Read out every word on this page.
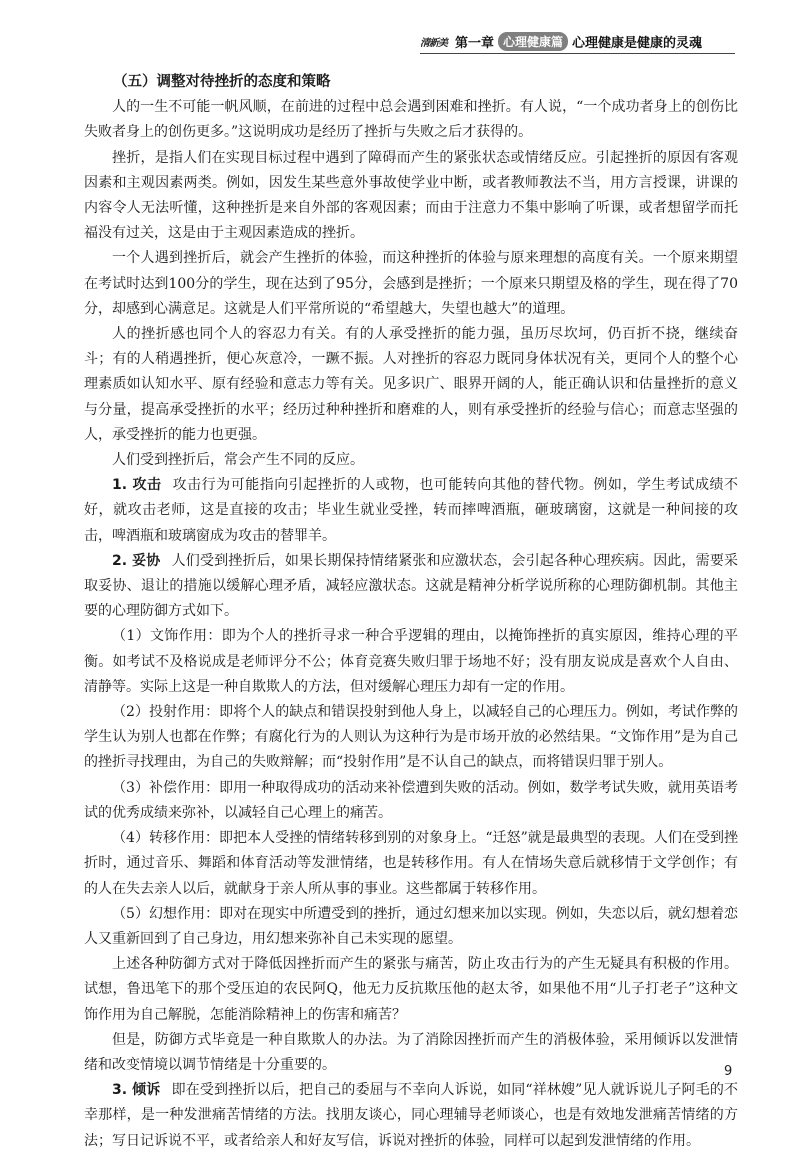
清新美 第一章 心理健康篇 心理健康是健康的灵魂
（五）调整对待挫折的态度和策略

人的一生不可能一帆风顺，在前进的过程中总会遇到困难和挫折。有人说，“一个成功者身上的创伤比失败者身上的创伤更多。”这说明成功是经历了挫折与失败之后才获得的。

挫折，是指人们在实现目标过程中遇到了障碍而产生的紧张状态或情绪反应。引起挫折的原因有客观因素和主观因素两类。例如，因发生某些意外事故使学业中断，或者教师教法不当，用方言授课，讲课的内容令人无法听懂，这种挫折是来自外部的客观因素；而由于注意力不集中影响了听课，或者想留学而托福没有过关，这是由于主观因素造成的挫折。

一个人遇到挫折后，就会产生挫折的体验，而这种挫折的体验与原来理想的高度有关。一个原来期望在考试时达到100分的学生，现在达到了95分，会感到是挫折；一个原来只期望及格的学生，现在得了70分，却感到心满意足。这就是人们平常所说的“希望越大，失望也越大”的道理。

人的挫折感也同个人的容忍力有关。有的人承受挫折的能力强，虽历尽坎坷，仍百折不挠，继续奋斗；有的人稍遇挫折，便心灰意冷，一蹶不振。人对挫折的容忍力既同身体状况有关，更同个人的整个心理素质如认知水平、原有经验和意志力等有关。见多识广、眼界开阔的人，能正确认识和估量挫折的意义与分量，提高承受挫折的水平；经历过种种挫折和磨难的人，则有承受挫折的经验与信心；而意志坚强的人，承受挫折的能力也更强。

人们受到挫折后，常会产生不同的反应。

1. 攻击 攻击行为可能指向引起挫折的人或物，也可能转向其他的替代物。例如，学生考试成绩不好，就攻击老师，这是直接的攻击；毕业生就业受挫，转而摔啤酒瓶，砸玻璃窗，这就是一种间接的攻击，啤酒瓶和玻璃窗成为攻击的替罪羊。

2. 妥协 人们受到挫折后，如果长期保持情绪紧张和应激状态，会引起各种心理疾病。因此，需要采取妥协、退让的措施以缓解心理矛盾，减轻应激状态。这就是精神分析学说所称的心理防御机制。其他主要的心理防御方式如下。

（1）文饰作用：即为个人的挫折寻求一种合乎逻辑的理由，以掩饰挫折的真实原因，维持心理的平衡。如考试不及格说成是老师评分不公；体育竞赛失败归罪于场地不好；没有朋友说成是喜欢个人自由、清静等。实际上这是一种自欺欺人的方法，但对缓解心理压力却有一定的作用。

（2）投射作用：即将个人的缺点和错误投射到他人身上，以减轻自己的心理压力。例如，考试作弊的学生认为别人也都在作弊；有腐化行为的人则认为这种行为是市场开放的必然结果。“文饰作用”是为自己的挫折寻找理由，为自己的失败辩解；而“投射作用”是不认自己的缺点，而将错误归罪于别人。

（3）补偿作用：即用一种取得成功的活动来补偿遭到失败的活动。例如，数学考试失败，就用英语考试的优秀成绩来弥补，以减轻自己心理上的痛苦。

（4）转移作用：即把本人受挫的情绪转移到别的对象身上。“迁怒”就是最典型的表现。人们在受到挫折时，通过音乐、舞蹈和体育活动等发泄情绪，也是转移作用。有人在情场失意后就移情于文学创作；有的人在失去亲人以后，就献身于亲人所从事的事业。这些都属于转移作用。

（5）幻想作用：即对在现实中所遭受到的挫折，通过幻想来加以实现。例如，失恋以后，就幻想着恋人又重新回到了自己身边，用幻想来弥补自己未实现的愿望。

上述各种防御方式对于降低因挫折而产生的紧张与痛苦，防止攻击行为的产生无疑具有积极的作用。试想，鲁迅笔下的那个受压迫的农民阿Q，他无力反抗欺压他的赵太爷，如果他不用“儿子打老子”这种文饰作用为自己解脱，怎能消除精神上的伤害和痛苦？

但是，防御方式毕竟是一种自欺欺人的办法。为了消除因挫折而产生的消极体验，采用倾诉以发泄情绪和改变情境以调节情绪是十分重要的。

3. 倾诉 即在受到挫折以后，把自己的委屈与不幸向人诉说，如同“祥林嫂”见人就诉说儿子阿毛的不幸那样，是一种发泄痛苦情绪的方法。找朋友谈心，同心理辅导老师谈心，也是有效地发泄痛苦情绪的方法；写日记诉说不平，或者给亲人和好友写信，诉说对挫折的体验，同样可以起到发泄情绪的作用。

9
